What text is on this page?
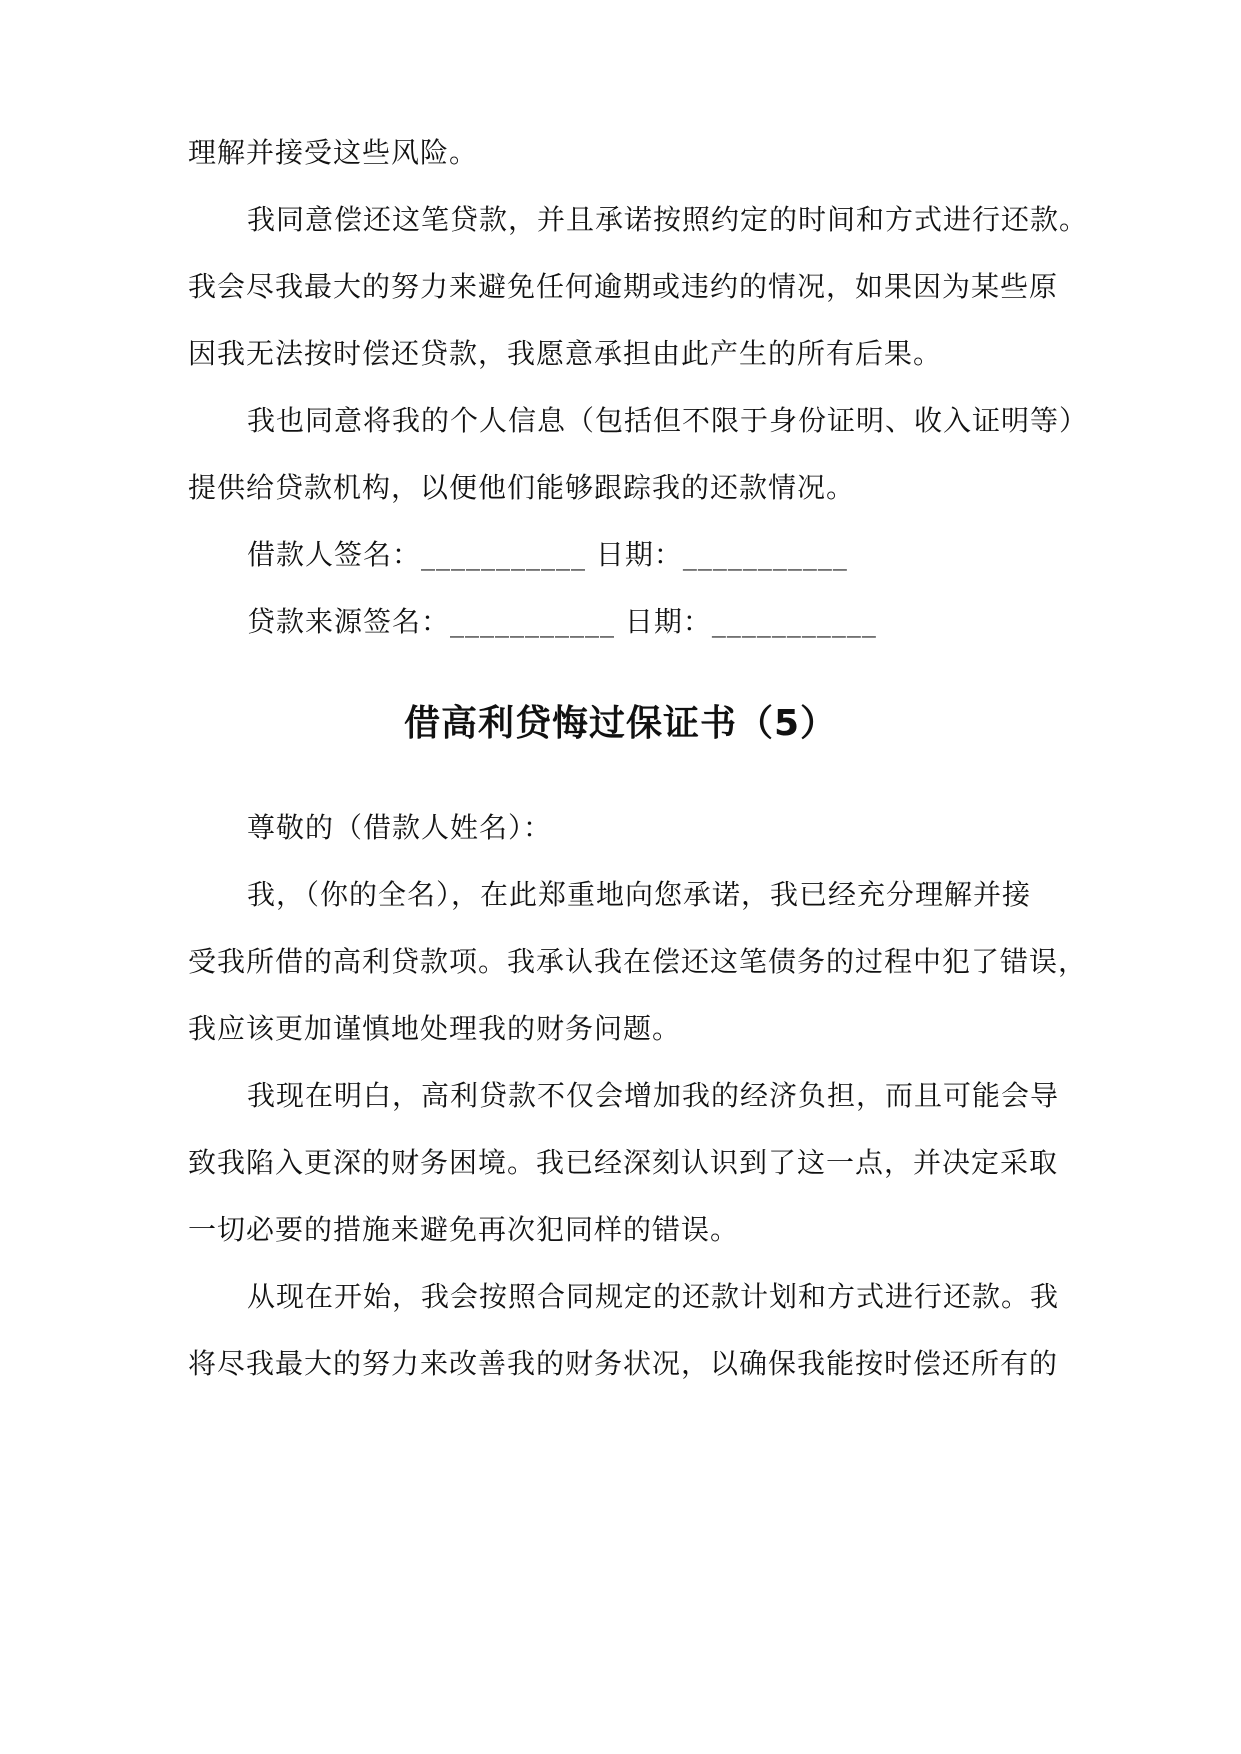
理解并接受这些风险。
我同意偿还这笔贷款，并且承诺按照约定的时间和方式进行还款。
我会尽我最大的努力来避免任何逾期或违约的情况，如果因为某些原
因我无法按时偿还贷款，我愿意承担由此产生的所有后果。
我也同意将我的个人信息（包括但不限于身份证明、收入证明等）
提供给贷款机构，以便他们能够跟踪我的还款情况。
借款人签名：___________ 日期：___________
贷款来源签名：___________ 日期：___________
借高利贷悔过保证书（5）
尊敬的（借款人姓名）：
我，（你的全名），在此郑重地向您承诺，我已经充分理解并接
受我所借的高利贷款项。我承认我在偿还这笔债务的过程中犯了错误，
我应该更加谨慎地处理我的财务问题。
我现在明白，高利贷款不仅会增加我的经济负担，而且可能会导
致我陷入更深的财务困境。我已经深刻认识到了这一点，并决定采取
一切必要的措施来避免再次犯同样的错误。
从现在开始，我会按照合同规定的还款计划和方式进行还款。我
将尽我最大的努力来改善我的财务状况，以确保我能按时偿还所有的
